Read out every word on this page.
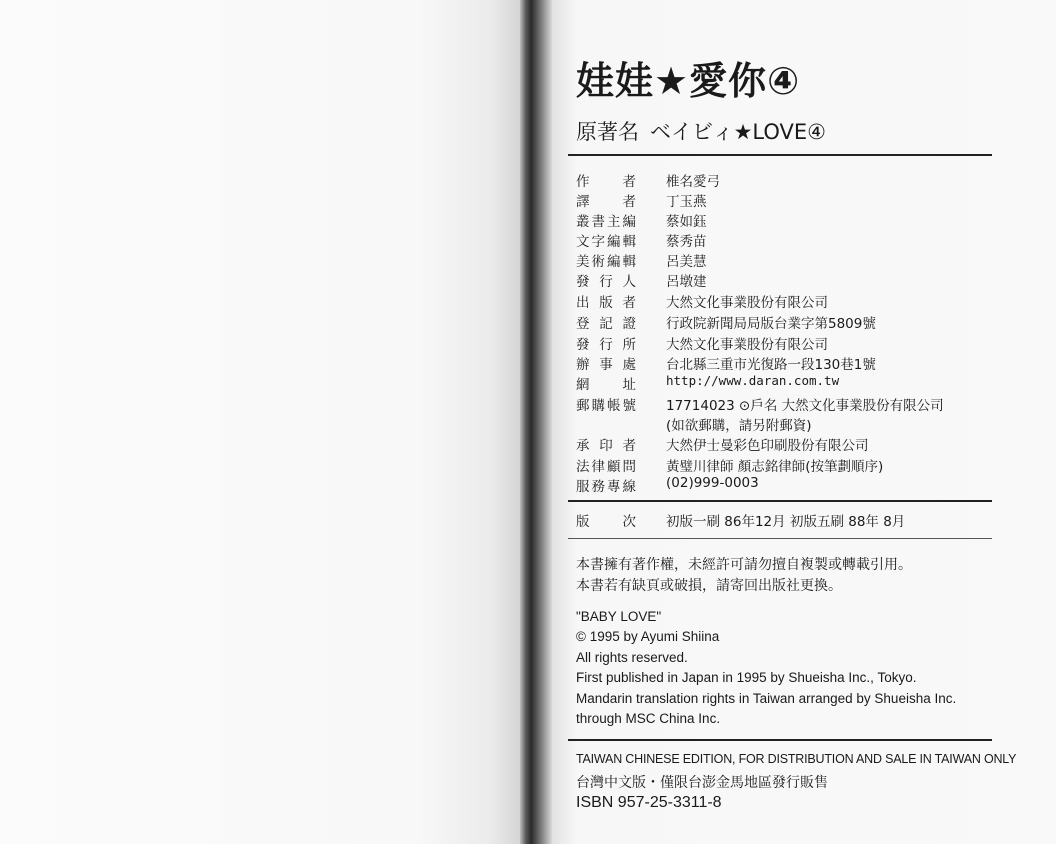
娃娃★愛你④
原著名 ベイビィ★LOVE④
作者 椎名愛弓
譯者 丁玉燕
叢書主編 蔡如鈺
文字編輯 蔡秀苗
美術編輯 呂美慧
發行人 呂墩建
出版者 大然文化事業股份有限公司
登記證 行政院新聞局局版台業字第5809號
發行所 大然文化事業股份有限公司
辦事處 台北縣三重市光復路一段130巷1號
網址 http://www.daran.com.tw
郵購帳號 17714023 ⊙戶名 大然文化事業股份有限公司
(如欲郵購，請另附郵資)
承印者 大然伊士曼彩色印刷股份有限公司
法律顧問 黃璧川律師 顏志銘律師(按筆劃順序)
服務專線 (02)999-0003
版次 初版一刷 86年12月 初版五刷 88年 8月
本書擁有著作權，未經許可請勿擅自複製或轉載引用。
本書若有缺頁或破損，請寄回出版社更換。
"BABY LOVE"
© 1995 by Ayumi Shiina
All rights reserved.
First published in Japan in 1995 by Shueisha Inc., Tokyo.
Mandarin translation rights in Taiwan arranged by Shueisha Inc.
through MSC China Inc.
TAIWAN CHINESE EDITION, FOR DISTRIBUTION AND SALE IN TAIWAN ONLY
台灣中文版・僅限台澎金馬地區發行販售
ISBN 957-25-3311-8
